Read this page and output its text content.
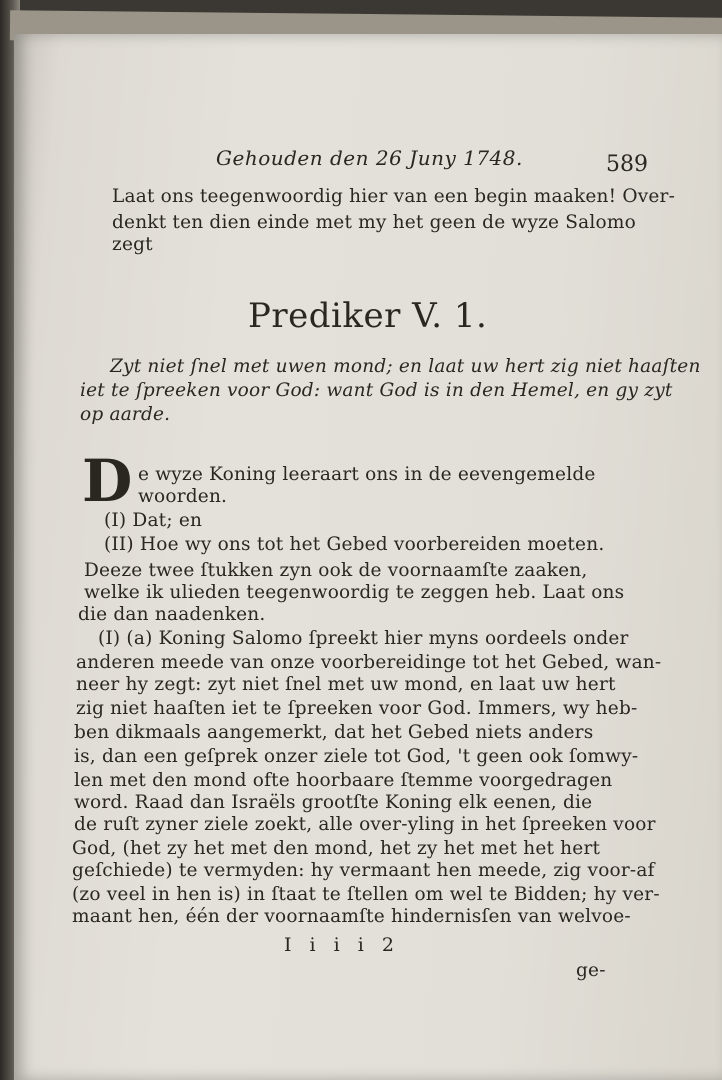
Gehouden den 26 Juny 1748.	589
Laat ons teegenwoordig hier van een begin maaken! Over-
denkt ten dien einde met my het geen de wyze Salomo
zegt
Prediker V. 1.
Zyt niet ſnel met uwen mond; en laat uw hert zig niet haaſten
iet te ſpreeken voor God: want God is in den Hemel, en gy zyt
op aarde.
D e wyze Koning leeraart ons in de eevengemelde
woorden.
(I) Dat; en
(II) Hoe wy ons tot het Gebed voorbereiden moeten.
Deeze twee ſtukken zyn ook de voornaamſte zaaken,
welke ik ulieden teegenwoordig te zeggen heb. Laat ons
die dan naadenken.
(I) (a) Koning Salomo ſpreekt hier myns oordeels onder
anderen meede van onze voorbereidinge tot het Gebed, wan-
neer hy zegt: zyt niet ſnel met uw mond, en laat uw hert
zig niet haaſten iet te ſpreeken voor God. Immers, wy heb-
ben dikmaals aangemerkt, dat het Gebed niets anders
is, dan een geſprek onzer ziele tot God, 't geen ook ſomwy-
len met den mond ofte hoorbaare ſtemme voorgedragen
word. Raad dan Israëls grootſte Koning elk eenen, die
de ruſt zyner ziele zoekt, alle over-yling in het ſpreeken voor
God, (het zy het met den mond, het zy het met het hert
geſchiede) te vermyden: hy vermaant hen meede, zig voor-af
(zo veel in hen is) in ſtaat te ſtellen om wel te Bidden; hy ver-
I i i i 2
ge-
maant hen, één der voornaamſte hindernisſen van welvoe-
